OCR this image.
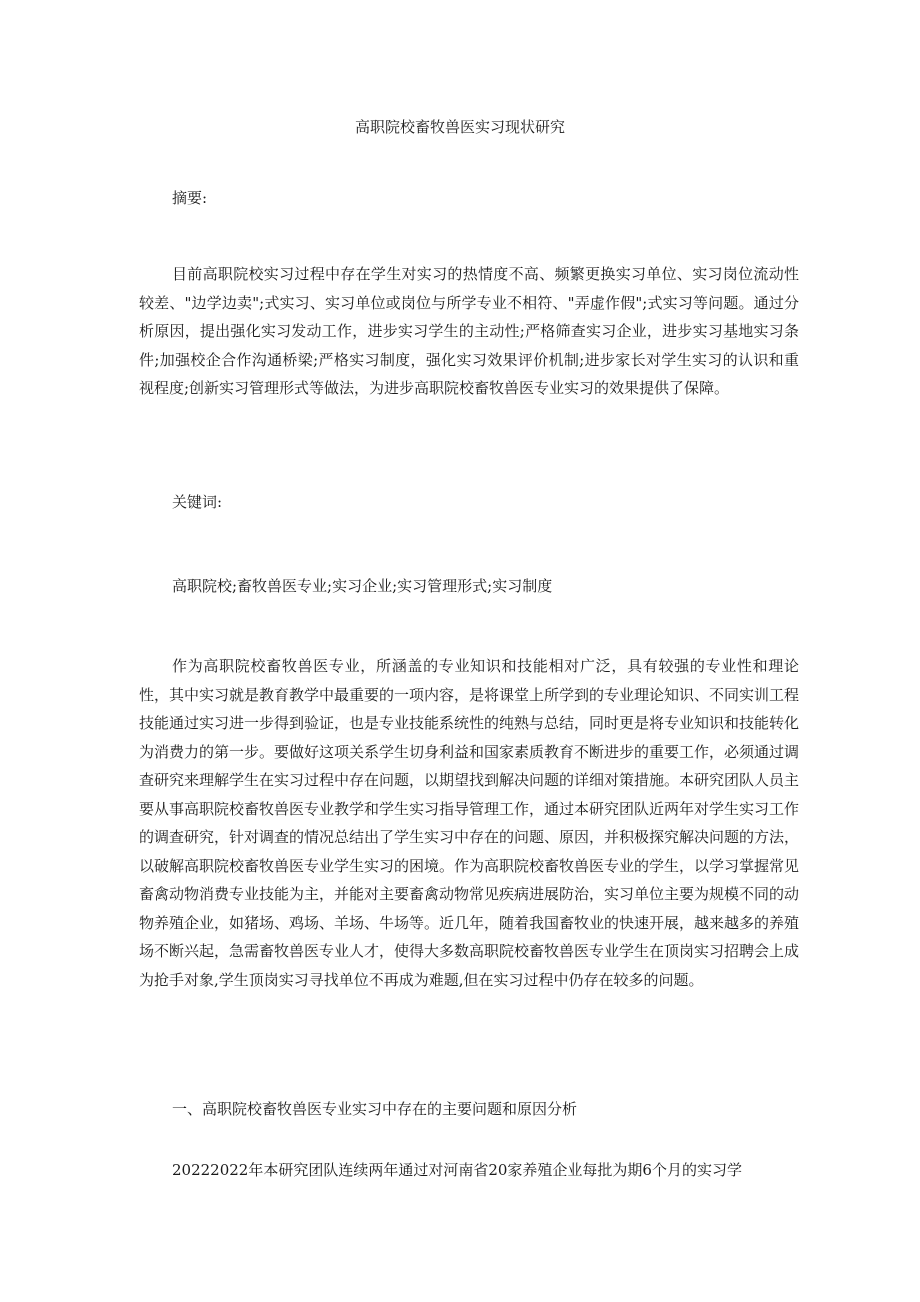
高职院校畜牧兽医实习现状研究
摘要:

目前高职院校实习过程中存在学生对实习的热情度不高、频繁更换实习单位、实习岗位流动性较差、"边学边卖";式实习、实习单位或岗位与所学专业不相符、"弄虚作假";式实习等问题。通过分析原因，提出强化实习发动工作，进步实习学生的主动性;严格筛查实习企业，进步实习基地实习条件;加强校企合作沟通桥梁;严格实习制度，强化实习效果评价机制;进步家长对学生实习的认识和重视程度;创新实习管理形式等做法，为进步高职院校畜牧兽医专业实习的效果提供了保障。

关键词:

高职院校;畜牧兽医专业;实习企业;实习管理形式;实习制度

作为高职院校畜牧兽医专业，所涵盖的专业知识和技能相对广泛，具有较强的专业性和理论性，其中实习就是教育教学中最重要的一项内容，是将课堂上所学到的专业理论知识、不同实训工程技能通过实习进一步得到验证，也是专业技能系统性的纯熟与总结，同时更是将专业知识和技能转化为消费力的第一步。要做好这项关系学生切身利益和国家素质教育不断进步的重要工作，必须通过调查研究来理解学生在实习过程中存在问题，以期望找到解决问题的详细对策措施。本研究团队人员主要从事高职院校畜牧兽医专业教学和学生实习指导管理工作，通过本研究团队近两年对学生实习工作的调查研究，针对调查的情况总结出了学生实习中存在的问题、原因，并积极探究解决问题的方法，以破解高职院校畜牧兽医专业学生实习的困境。作为高职院校畜牧兽医专业的学生，以学习掌握常见畜禽动物消费专业技能为主，并能对主要畜禽动物常见疾病进展防治，实习单位主要为规模不同的动物养殖企业，如猪场、鸡场、羊场、牛场等。近几年，随着我国畜牧业的快速开展，越来越多的养殖场不断兴起，急需畜牧兽医专业人才，使得大多数高职院校畜牧兽医专业学生在顶岗实习招聘会上成为抢手对象,学生顶岗实习寻找单位不再成为难题,但在实习过程中仍存在较多的问题。

一、高职院校畜牧兽医专业实习中存在的主要问题和原因分析

20222022年本研究团队连续两年通过对河南省20家养殖企业每批为期6个月的实习学
